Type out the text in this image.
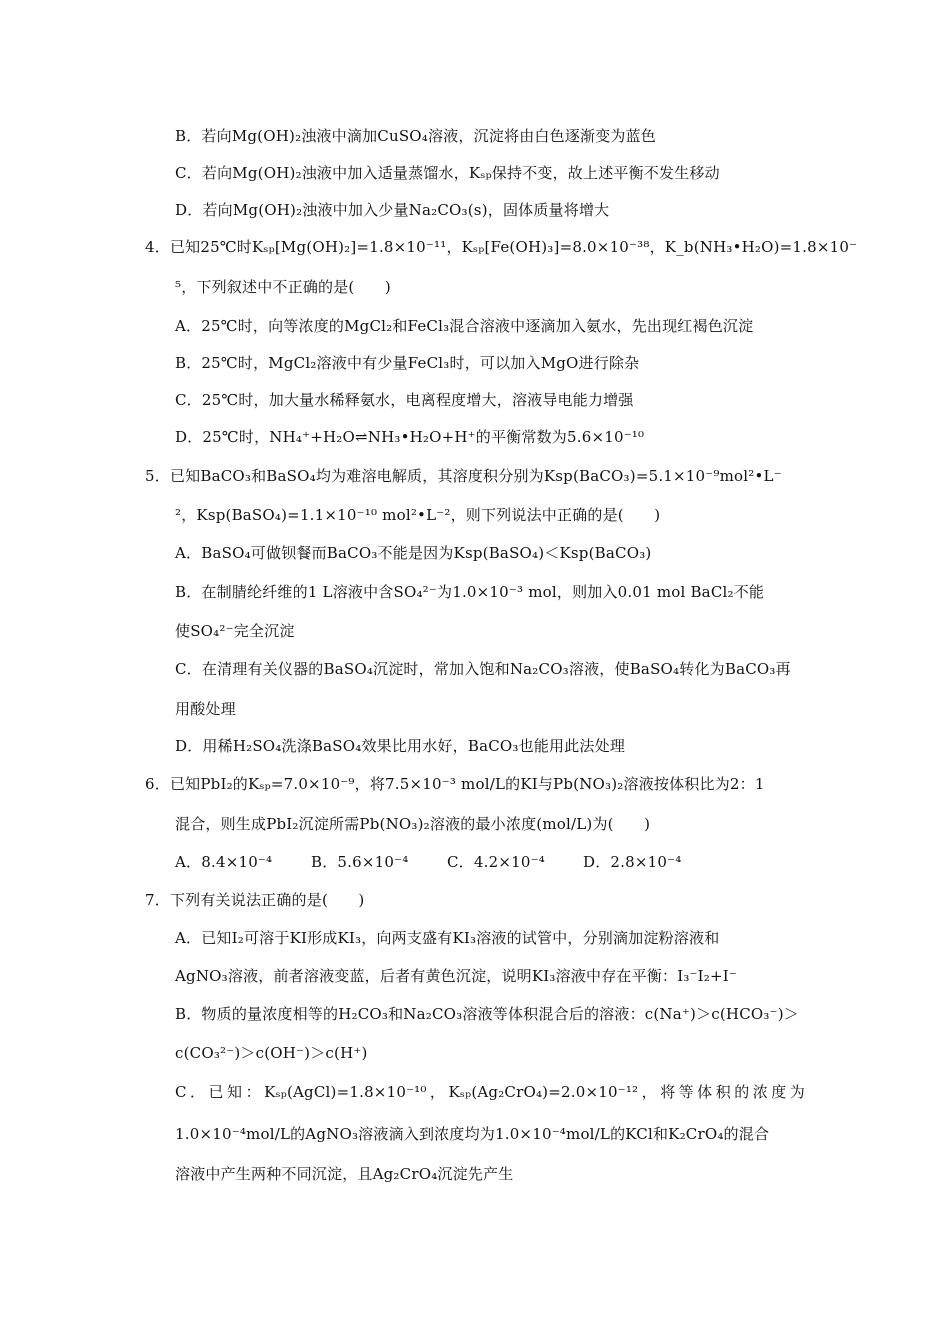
B．若向Mg(OH)₂浊液中滴加CuSO₄溶液，沉淀将由白色逐渐变为蓝色
C．若向Mg(OH)₂浊液中加入适量蒸馏水，Kₛₚ保持不变，故上述平衡不发生移动
D．若向Mg(OH)₂浊液中加入少量Na₂CO₃(s)，固体质量将增大
4．已知25℃时Kₛₚ[Mg(OH)₂]=1.8×10⁻¹¹，Kₛₚ[Fe(OH)₃]=8.0×10⁻³⁸，K_b(NH₃•H₂O)=1.8×10⁻
⁵，下列叙述中不正确的是(　　)
A．25℃时，向等浓度的MgCl₂和FeCl₃混合溶液中逐滴加入氨水，先出现红褐色沉淀
B．25℃时，MgCl₂溶液中有少量FeCl₃时，可以加入MgO进行除杂
C．25℃时，加大量水稀释氨水，电离程度增大，溶液导电能力增强
D．25℃时，NH₄⁺+H₂O⇌NH₃•H₂O+H⁺的平衡常数为5.6×10⁻¹⁰
5．已知BaCO₃和BaSO₄均为难溶电解质，其溶度积分别为Ksp(BaCO₃)=5.1×10⁻⁹mol²•L⁻
²，Ksp(BaSO₄)=1.1×10⁻¹⁰ mol²•L⁻²，则下列说法中正确的是(　　)
A．BaSO₄可做钡餐而BaCO₃不能是因为Ksp(BaSO₄)＜Ksp(BaCO₃)
B．在制腈纶纤维的1 L溶液中含SO₄²⁻为1.0×10⁻³ mol，则加入0.01 mol BaCl₂不能
使SO₄²⁻完全沉淀
C．在清理有关仪器的BaSO₄沉淀时，常加入饱和Na₂CO₃溶液，使BaSO₄转化为BaCO₃再
用酸处理
D．用稀H₂SO₄洗涤BaSO₄效果比用水好，BaCO₃也能用此法处理
6．已知PbI₂的Kₛₚ=7.0×10⁻⁹，将7.5×10⁻³ mol/L的KI与Pb(NO₃)₂溶液按体积比为2：1
混合，则生成PbI₂沉淀所需Pb(NO₃)₂溶液的最小浓度(mol/L)为(　　)
A．8.4×10⁻⁴	B．5.6×10⁻⁴	C．4.2×10⁻⁴	D．2.8×10⁻⁴
7．下列有关说法正确的是(　　)
A．已知I₂可溶于KI形成KI₃，向两支盛有KI₃溶液的试管中，分别滴加淀粉溶液和
AgNO₃溶液，前者溶液变蓝，后者有黄色沉淀，说明KI₃溶液中存在平衡：I₃⁻I₂+I⁻
B．物质的量浓度相等的H₂CO₃和Na₂CO₃溶液等体积混合后的溶液：c(Na⁺)＞c(HCO₃⁻)＞
c(CO₃²⁻)＞c(OH⁻)＞c(H⁺)
C．已知：Kₛₚ(AgCl)=1.8×10⁻¹⁰，Kₛₚ(Ag₂CrO₄)=2.0×10⁻¹²，将等体积的浓度为
1.0×10⁻⁴mol/L的AgNO₃溶液滴入到浓度均为1.0×10⁻⁴mol/L的KCl和K₂CrO₄的混合
溶液中产生两种不同沉淀，且Ag₂CrO₄沉淀先产生
